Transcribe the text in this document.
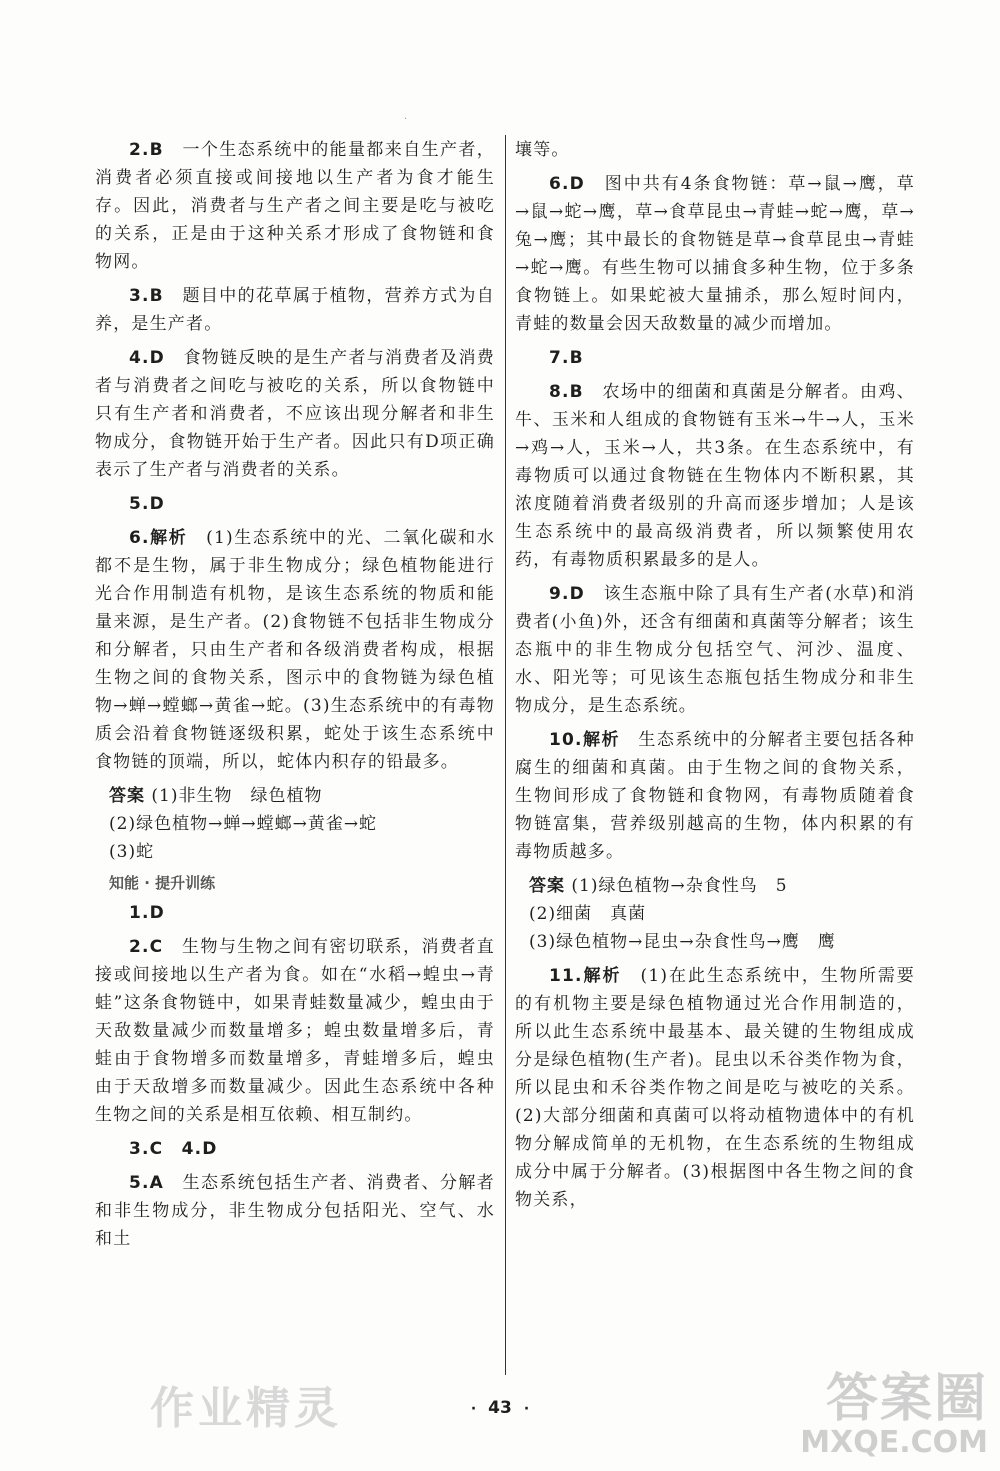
·

2.B　 一个生态系统中的能量都来自生产者，消费者必须直接或间接地以生产者为食才能生存。因此，消费者与生产者之间主要是吃与被吃的关系，正是由于这种关系才形成了食物链和食物网。

3.B　 题目中的花草属于植物，营养方式为自养，是生产者。

4.D　 食物链反映的是生产者与消费者及消费者与消费者之间吃与被吃的关系，所以食物链中只有生产者和消费者，不应该出现分解者和非生物成分，食物链开始于生产者。因此只有D项正确表示了生产者与消费者的关系。

5.D

6.解析　 (1)生态系统中的光、二氧化碳和水都不是生物，属于非生物成分；绿色植物能进行光合作用制造有机物，是该生态系统的物质和能量来源，是生产者。(2)食物链不包括非生物成分和分解者，只由生产者和各级消费者构成，根据生物之间的食物关系，图示中的食物链为绿色植物→蝉→螳螂→黄雀→蛇。(3)生态系统中的有毒物质会沿着食物链逐级积累，蛇处于该生态系统中食物链的顶端，所以，蛇体内积存的铅最多。

答案 (1)非生物　绿色植物
(2)绿色植物→蝉→螳螂→黄雀→蛇
(3)蛇
知能 · 提升训练

1.D

2.C　 生物与生物之间有密切联系，消费者直接或间接地以生产者为食。如在“水稻→蝗虫→青蛙”这条食物链中，如果青蛙数量减少，蝗虫由于天敌数量减少而数量增多；蝗虫数量增多后，青蛙由于食物增多而数量增多，青蛙增多后，蝗虫由于天敌增多而数量减少。因此生态系统中各种生物之间的关系是相互依赖、相互制约。

3.C　4.D

5.A　 生态系统包括生产者、消费者、分解者和非生物成分，非生物成分包括阳光、空气、水和土

壤等。

6.D　 图中共有4条食物链：草→鼠→鹰，草→鼠→蛇→鹰，草→食草昆虫→青蛙→蛇→鹰，草→兔→鹰；其中最长的食物链是草→食草昆虫→青蛙→蛇→鹰。有些生物可以捕食多种生物，位于多条食物链上。如果蛇被大量捕杀，那么短时间内，青蛙的数量会因天敌数量的减少而增加。

7.B

8.B　 农场中的细菌和真菌是分解者。由鸡、牛、玉米和人组成的食物链有玉米→牛→人，玉米→鸡→人，玉米→人，共3条。在生态系统中，有毒物质可以通过食物链在生物体内不断积累，其浓度随着消费者级别的升高而逐步增加；人是该生态系统中的最高级消费者，所以频繁使用农药，有毒物质积累最多的是人。

9.D　 该生态瓶中除了具有生产者(水草)和消费者(小鱼)外，还含有细菌和真菌等分解者；该生态瓶中的非生物成分包括空气、河沙、温度、水、阳光等；可见该生态瓶包括生物成分和非生物成分，是生态系统。

10.解析　 生态系统中的分解者主要包括各种腐生的细菌和真菌。由于生物之间的食物关系，生物间形成了食物链和食物网，有毒物质随着食物链富集，营养级别越高的生物，体内积累的有毒物质越多。

答案 (1)绿色植物→杂食性鸟　5
(2)细菌　真菌
(3)绿色植物→昆虫→杂食性鸟→鹰　鹰

11.解析　 (1)在此生态系统中，生物所需要的有机物主要是绿色植物通过光合作用制造的，所以此生态系统中最基本、最关键的生物组成成分是绿色植物(生产者)。昆虫以禾谷类作物为食，所以昆虫和禾谷类作物之间是吃与被吃的关系。(2)大部分细菌和真菌可以将动植物遗体中的有机物分解成简单的无机物，在生态系统的生物组成成分中属于分解者。(3)根据图中各生物之间的食物关系，

作业精灵	· 43 ·	答案圈
MXQE.COM
